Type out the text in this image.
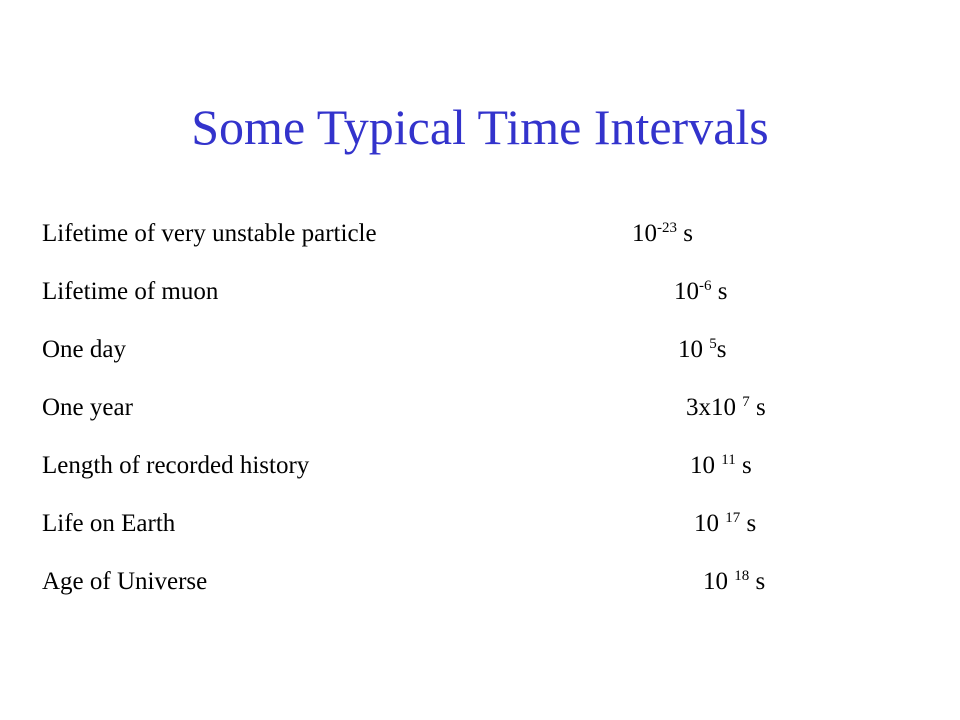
Some Typical Time Intervals
Lifetime of very unstable particle	$10^{-23}$ s
Lifetime of muon	$10^{-6}$ s
One day	10 $^5$s
One year	3x10 $^7$ s
Length of recorded history	10 $^{11}$ s
Life on Earth	10 $^{17}$ s
Age of Universe	10 $^{18}$ s
